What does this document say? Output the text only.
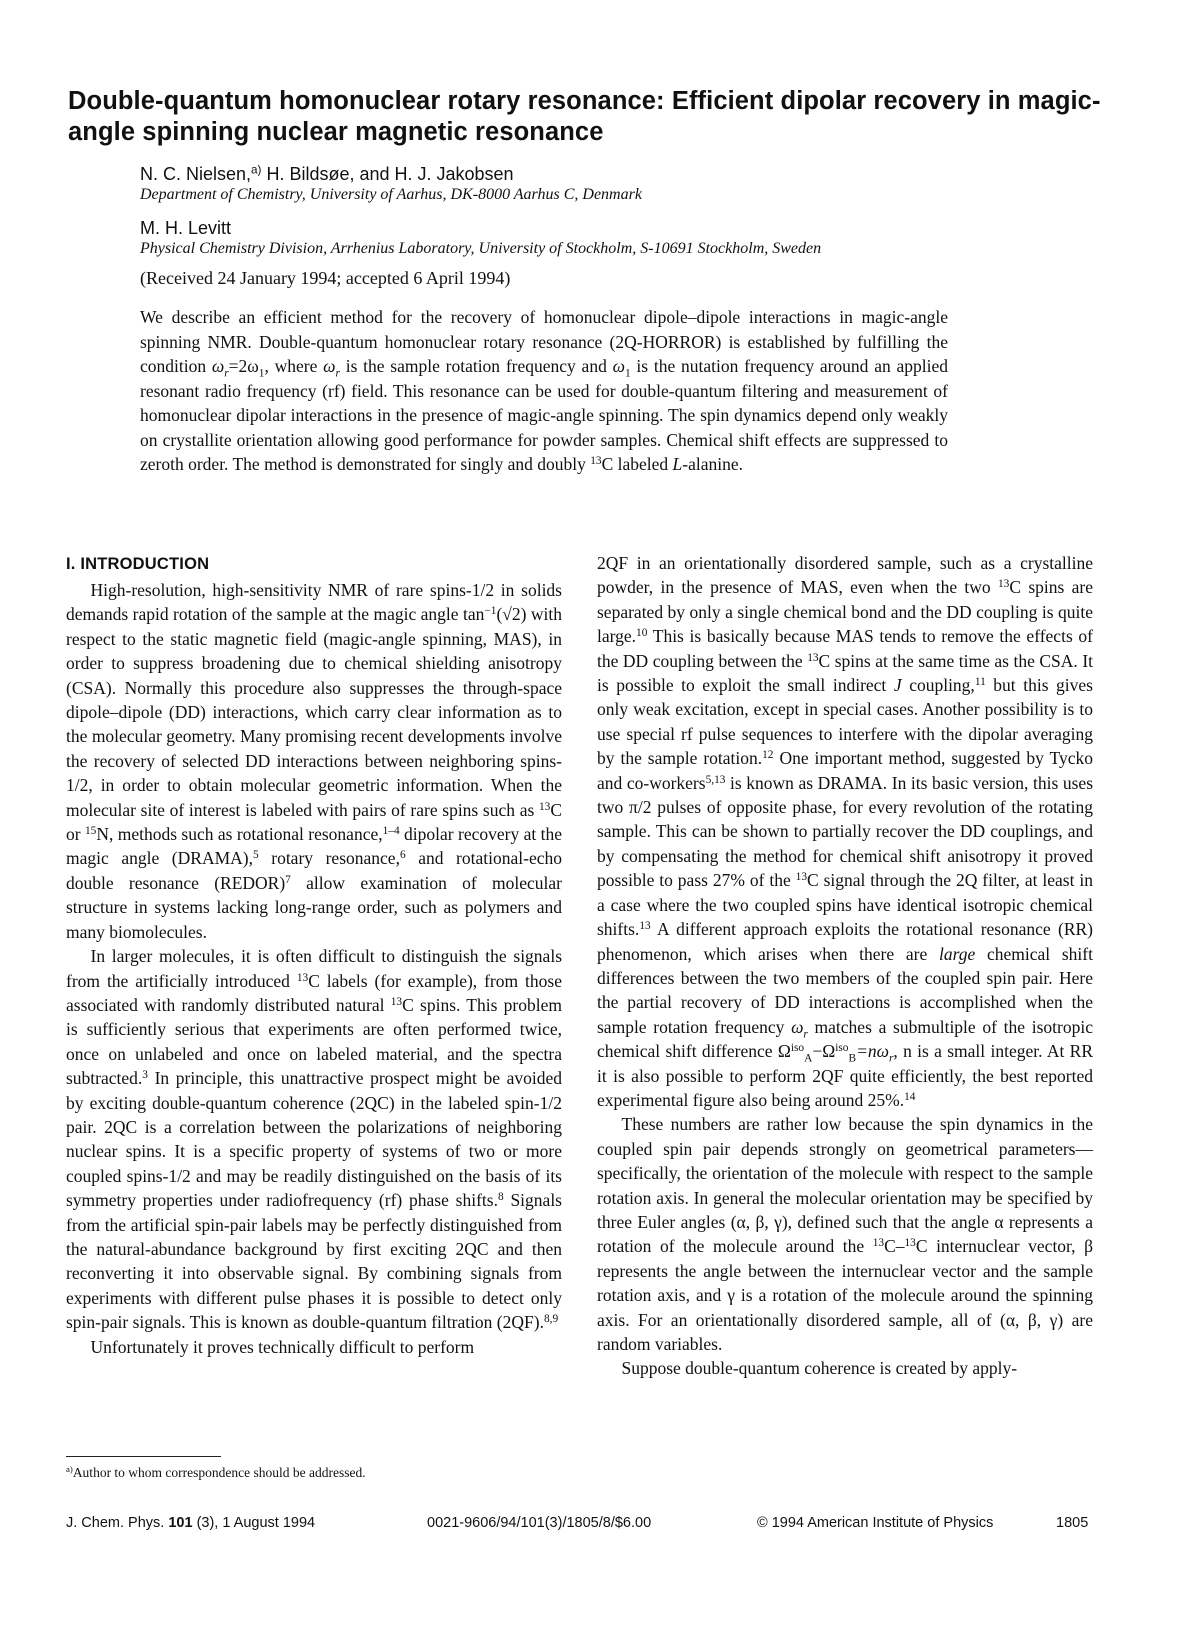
Double-quantum homonuclear rotary resonance: Efficient dipolar recovery in magic-angle spinning nuclear magnetic resonance
N. C. Nielsen,$^{a)}$ H. Bildsøe, and H. J. Jakobsen
Department of Chemistry, University of Aarhus, DK-8000 Aarhus C, Denmark
M. H. Levitt
Physical Chemistry Division, Arrhenius Laboratory, University of Stockholm, S-10691 Stockholm, Sweden
(Received 24 January 1994; accepted 6 April 1994)

We describe an efficient method for the recovery of homonuclear dipole–dipole interactions in magic-angle spinning NMR. Double-quantum homonuclear rotary resonance (2Q-HORROR) is established by fulfilling the condition $\omega_r=2\omega_1$, where $\omega_r$ is the sample rotation frequency and $\omega_1$ is the nutation frequency around an applied resonant radio frequency (rf) field. This resonance can be used for double-quantum filtering and measurement of homonuclear dipolar interactions in the presence of magic-angle spinning. The spin dynamics depend only weakly on crystallite orientation allowing good performance for powder samples. Chemical shift effects are suppressed to zeroth order. The method is demonstrated for singly and doubly $^{13}$C labeled L-alanine.

I. INTRODUCTION

High-resolution, high-sensitivity NMR of rare spins-1/2 in solids demands rapid rotation of the sample at the magic angle $\tan^{-1}(√2)$ with respect to the static magnetic field (magic-angle spinning, MAS), in order to suppress broadening due to chemical shielding anisotropy (CSA). Normally this procedure also suppresses the through-space dipole–dipole (DD) interactions, which carry clear information as to the molecular geometry. Many promising recent developments involve the recovery of selected DD interactions between neighboring spins-1/2, in order to obtain molecular geometric information. When the molecular site of interest is labeled with pairs of rare spins such as $^{13}$C or $^{15}$N, methods such as rotational resonance,$^{1-4}$ dipolar recovery at the magic angle (DRAMA),$^5$ rotary resonance,$^6$ and rotational-echo double resonance (REDOR)$^7$ allow examination of molecular structure in systems lacking long-range order, such as polymers and many biomolecules.

In larger molecules, it is often difficult to distinguish the signals from the artificially introduced $^{13}$C labels (for example), from those associated with randomly distributed natural $^{13}$C spins. This problem is sufficiently serious that experiments are often performed twice, once on unlabeled and once on labeled material, and the spectra subtracted.$^3$ In principle, this unattractive prospect might be avoided by exciting double-quantum coherence (2QC) in the labeled spin-1/2 pair. 2QC is a correlation between the polarizations of neighboring nuclear spins. It is a specific property of systems of two or more coupled spins-1/2 and may be readily distinguished on the basis of its symmetry properties under radiofrequency (rf) phase shifts.$^8$ Signals from the artificial spin-pair labels may be perfectly distinguished from the natural-abundance background by first exciting 2QC and then reconverting it into observable signal. By combining signals from experiments with different pulse phases it is possible to detect only spin-pair signals. This is known as double-quantum filtration (2QF).$^{8,9}$

Unfortunately it proves technically difficult to perform

2QF in an orientationally disordered sample, such as a crystalline powder, in the presence of MAS, even when the two $^{13}$C spins are separated by only a single chemical bond and the DD coupling is quite large.$^{10}$ This is basically because MAS tends to remove the effects of the DD coupling between the $^{13}$C spins at the same time as the CSA. It is possible to exploit the small indirect J coupling,$^{11}$ but this gives only weak excitation, except in special cases. Another possibility is to use special rf pulse sequences to interfere with the dipolar averaging by the sample rotation.$^{12}$ One important method, suggested by Tycko and co-workers$^{5,13}$ is known as DRAMA. In its basic version, this uses two π/2 pulses of opposite phase, for every revolution of the rotating sample. This can be shown to partially recover the DD couplings, and by compensating the method for chemical shift anisotropy it proved possible to pass 27% of the $^{13}$C signal through the 2Q filter, at least in a case where the two coupled spins have identical isotropic chemical shifts.$^{13}$ A different approach exploits the rotational resonance (RR) phenomenon, which arises when there are large chemical shift differences between the two members of the coupled spin pair. Here the partial recovery of DD interactions is accomplished when the sample rotation frequency $\omega_r$ matches a submultiple of the isotropic chemical shift difference $\Omega^{iso}_A-\Omega^{iso}_B=n\omega_r$, n is a small integer. At RR it is also possible to perform 2QF quite efficiently, the best reported experimental figure also being around 25%.$^{14}$

These numbers are rather low because the spin dynamics in the coupled spin pair depends strongly on geometrical parameters—specifically, the orientation of the molecule with respect to the sample rotation axis. In general the molecular orientation may be specified by three Euler angles (α, β, γ), defined such that the angle α represents a rotation of the molecule around the $^{13}$C–$^{13}$C internuclear vector, β represents the angle between the internuclear vector and the sample rotation axis, and γ is a rotation of the molecule around the spinning axis. For an orientationally disordered sample, all of (α, β, γ) are random variables.

Suppose double-quantum coherence is created by apply-

$^{a)}$Author to whom correspondence should be addressed.
J. Chem. Phys. 101 (3), 1 August 1994	0021-9606/94/101(3)/1805/8/$6.00	© 1994 American Institute of Physics	1805
